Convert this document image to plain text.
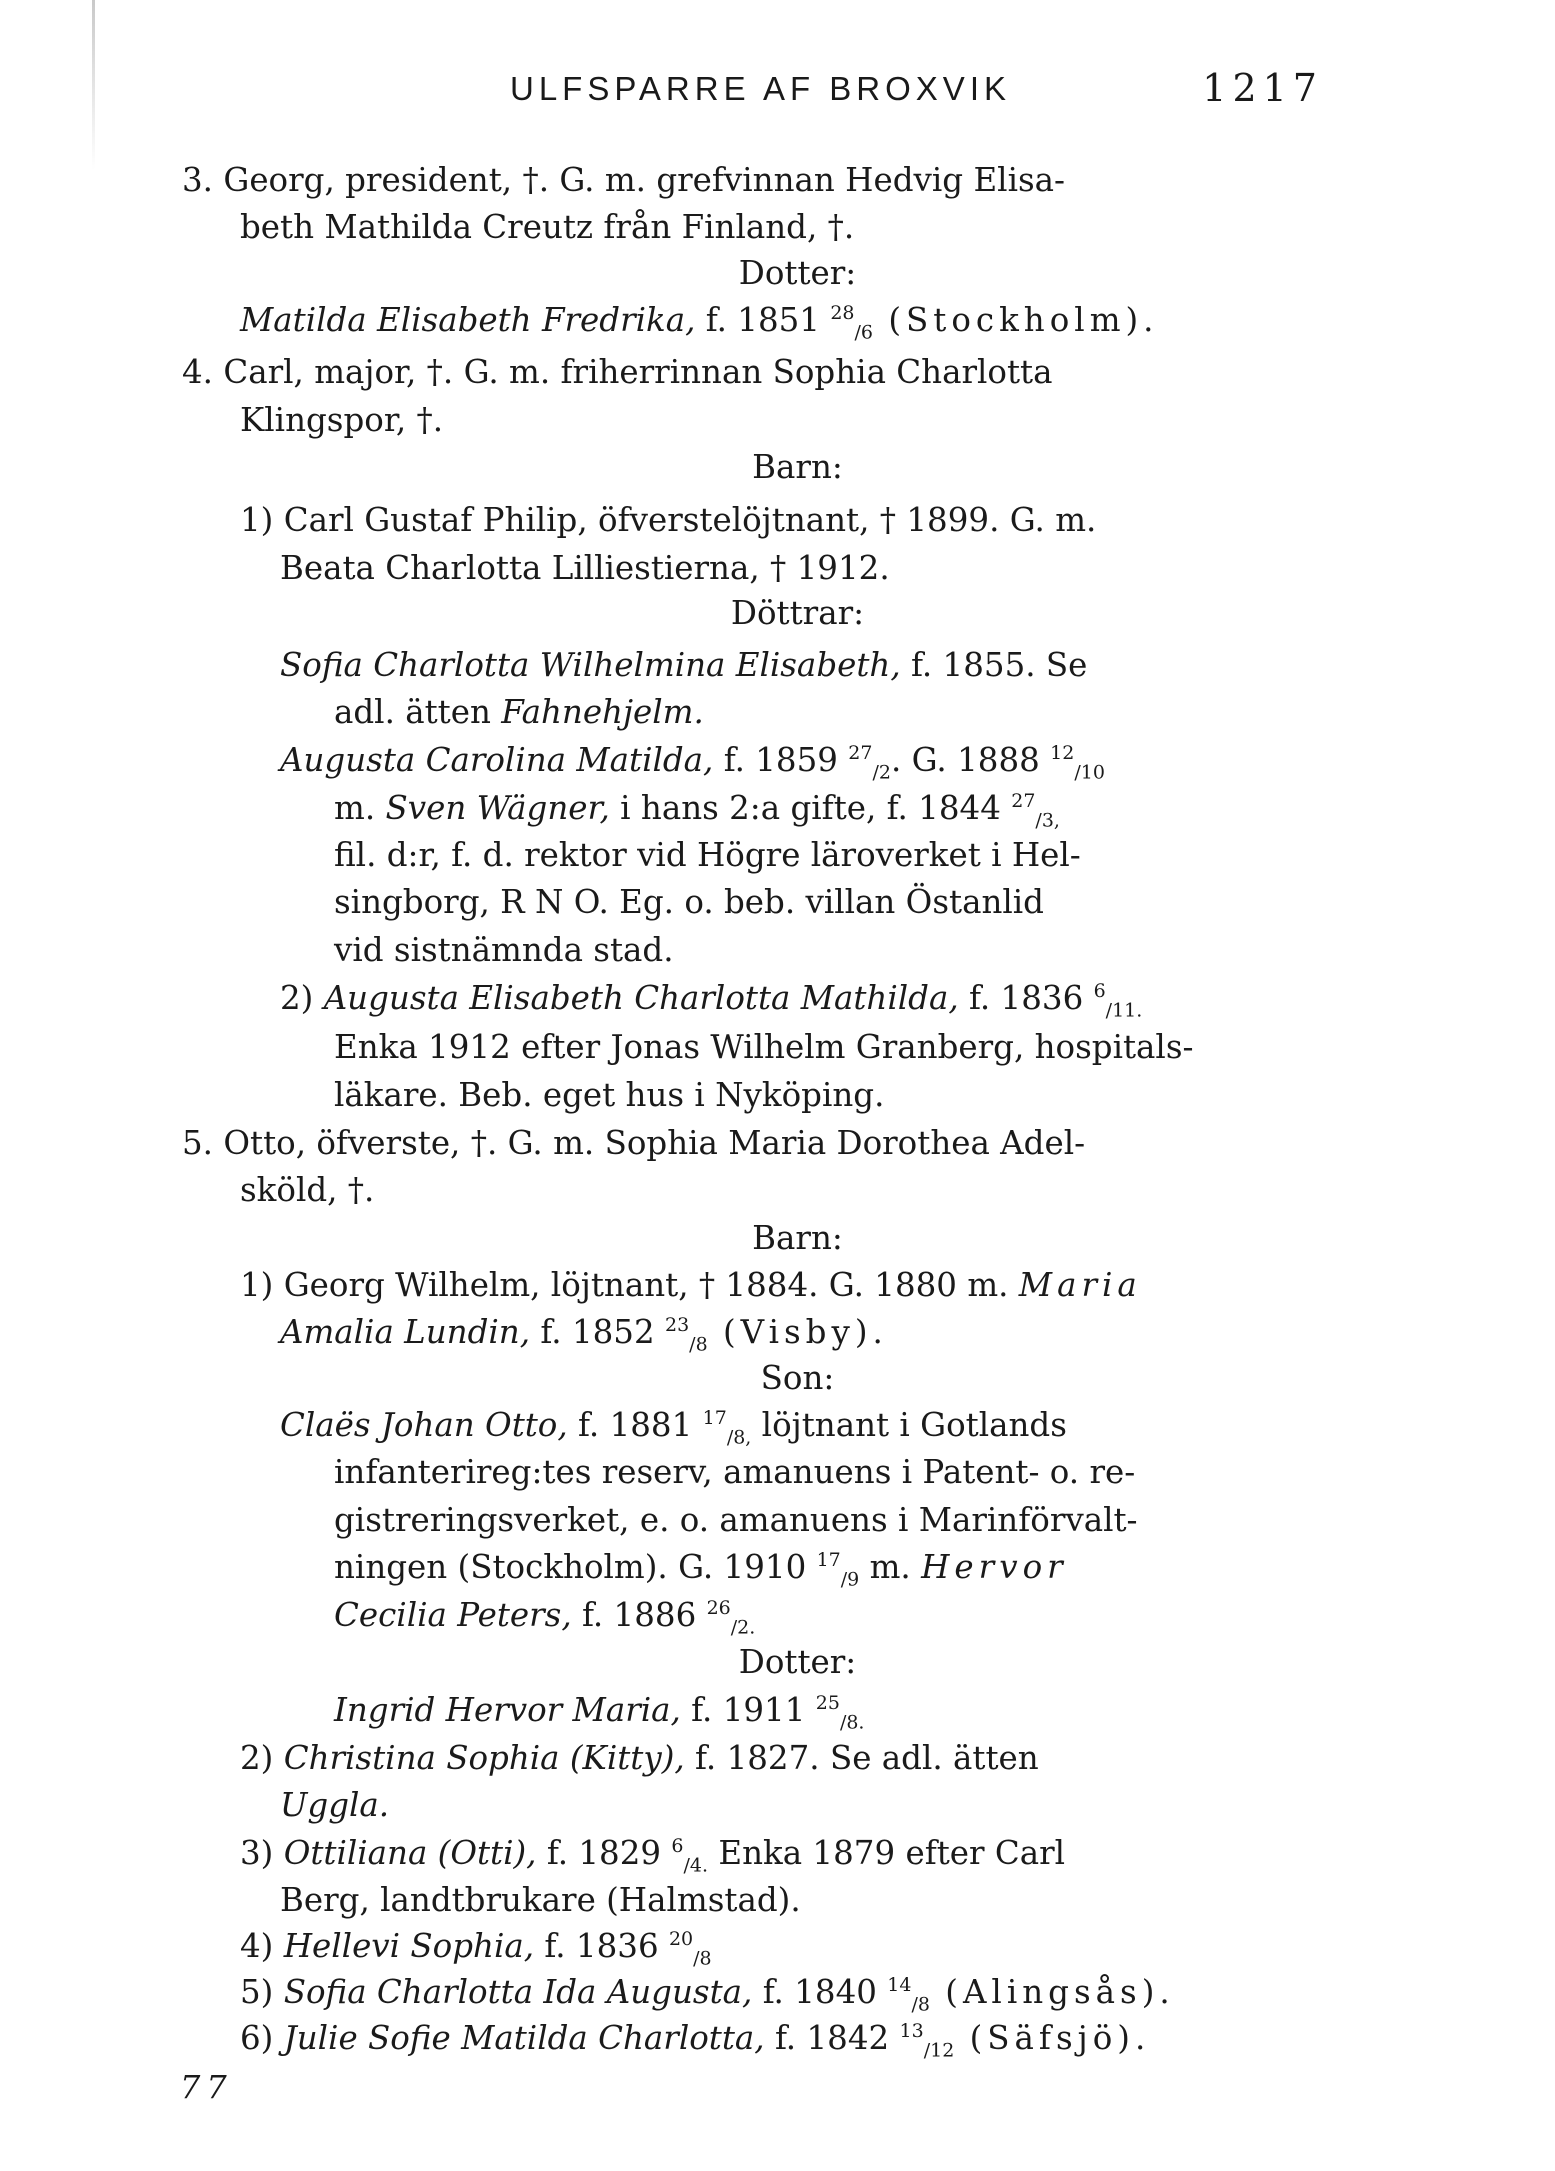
ULFSPARRE AF BROXVIK	1217
3. Georg, president, †. G. m. grefvinnan Hedvig Elisa-
beth Mathilda Creutz från Finland, †.
Dotter:
Matilda Elisabeth Fredrika, f. 1851 $^{28}_{/6}$ (Stockholm).
4. Carl, major, †. G. m. friherrinnan Sophia Charlotta
Klingspor, †.
Barn:
1) Carl Gustaf Philip, öfverstelöjtnant, † 1899. G. m.
Beata Charlotta Lilliestierna, † 1912.
Döttrar:
Sofia Charlotta Wilhelmina Elisabeth, f. 1855. Se
adl. ätten Fahnehjelm.
Augusta Carolina Matilda, f. 1859 $^{27}_{/2}$. G. 1888 $^{12}_{/10}$
m. Sven Wägner, i hans 2:a gifte, f. 1844 $^{27}_{/3,}$
fil. d:r, f. d. rektor vid Högre läroverket i Hel-
singborg, R N O. Eg. o. beb. villan Östanlid
vid sistnämnda stad.
2) Augusta Elisabeth Charlotta Mathilda, f. 1836 $^6_{/11.}$
Enka 1912 efter Jonas Wilhelm Granberg, hospitals-
läkare. Beb. eget hus i Nyköping.
5. Otto, öfverste, †. G. m. Sophia Maria Dorothea Adel-
sköld, †.
Barn:
1) Georg Wilhelm, löjtnant, † 1884. G. 1880 m. Maria
Amalia Lundin, f. 1852 $^{23}_{/8}$ (Visby).
Son:
Claës Johan Otto, f. 1881 $^{17}_{/8,}$ löjtnant i Gotlands
infanterireg:tes reserv, amanuens i Patent- o. re-
gistreringsverket, e. o. amanuens i Marinförvalt-
ningen (Stockholm). G. 1910 $^{17}_{/9}$ m. Hervor
Cecilia Peters, f. 1886 $^{26}_{/2.}$
Dotter:
Ingrid Hervor Maria, f. 1911 $^{25}_{/8.}$
2) Christina Sophia (Kitty), f. 1827. Se adl. ätten
Uggla.
3) Ottiliana (Otti), f. 1829 $^6_{/4.}$ Enka 1879 efter Carl
Berg, landtbrukare (Halmstad).
4) Hellevi Sophia, f. 1836 $^{20}_{/8}$
5) Sofia Charlotta Ida Augusta, f. 1840 $^{14}_{/8}$ (Alingsås).
6) Julie Sofie Matilda Charlotta, f. 1842 $^{13}_{/12}$ (Säfsjö).
77
